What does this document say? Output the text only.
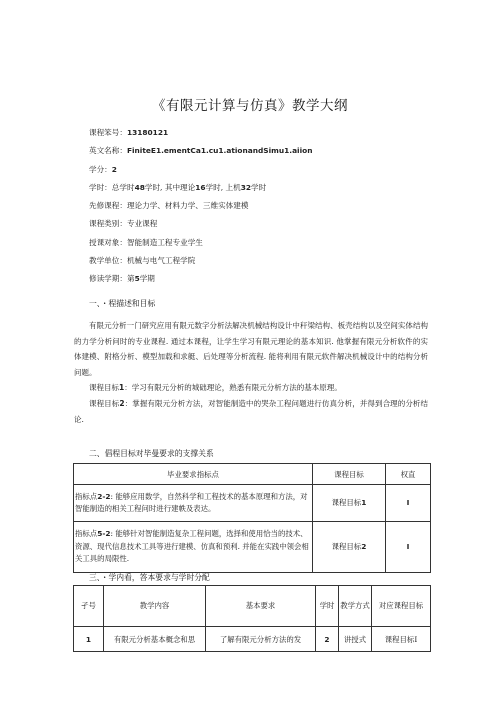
《有限元计算与仿真》教学大纲
课程笨号：13180121
英文名称：FiniteE1.ementCa1.cu1.ationandSimu1.aiion
学分：2
学时：总学时48学时, 其中理论16学时, 上机32学时
先修课程：理论力学、材料力学、三维实体建模
课程类别：专业课程
授课对象：智能制造工程专业学生
教学单位：机械与电气工程学院
修读学期：第5学期
一、・程描述和目标

有限元分析一门研究应用有限元数字分析法解决机械结构设计中秆梁结构、板壳结构以及空间实体结构的力学分析问时的专业课程. 通过本课程，让学生学习有限元理论的基本知识. 他掌握有限元分析软件的实体建模、附格分析、模型加载和求艇、后处理等分析流程. 能将利用有限元软件解决机械设计中的结构分析问题。

课程目标1：学习有限元分析的城础理论，熟悉有限元分析方法的基本原理。

课程目标2：掌握有限元分析方法，对智能制造中的哭杂工程问题进行仿真分析，并得到合理的分析结论.

二、倡程目标对毕曼要求的支撑关系
毕业要求指标点	课程目标	权直
指标点2-2: 能够应用数学，自然科学和工程技术的基本原理和方法，对智能制造的相关工程问时进行建帙及表达。	课程目标1	I
指标点5-2: 能够针对智能制造复杂工程问题，选择和使用恰当的技术、资源、现代信息技术工具等进行建模、仿真和预利. 并能在实践中领会相关工具的局限性.	课程目标2	I
三、・学内看，答本要求与学时分配
孑号	教学内容	基本要求	学时	教学方式	对应课程目标
1	有限元分析基本概念和思	了解有限元分析方法的发	2	讲授式	课程目标I
